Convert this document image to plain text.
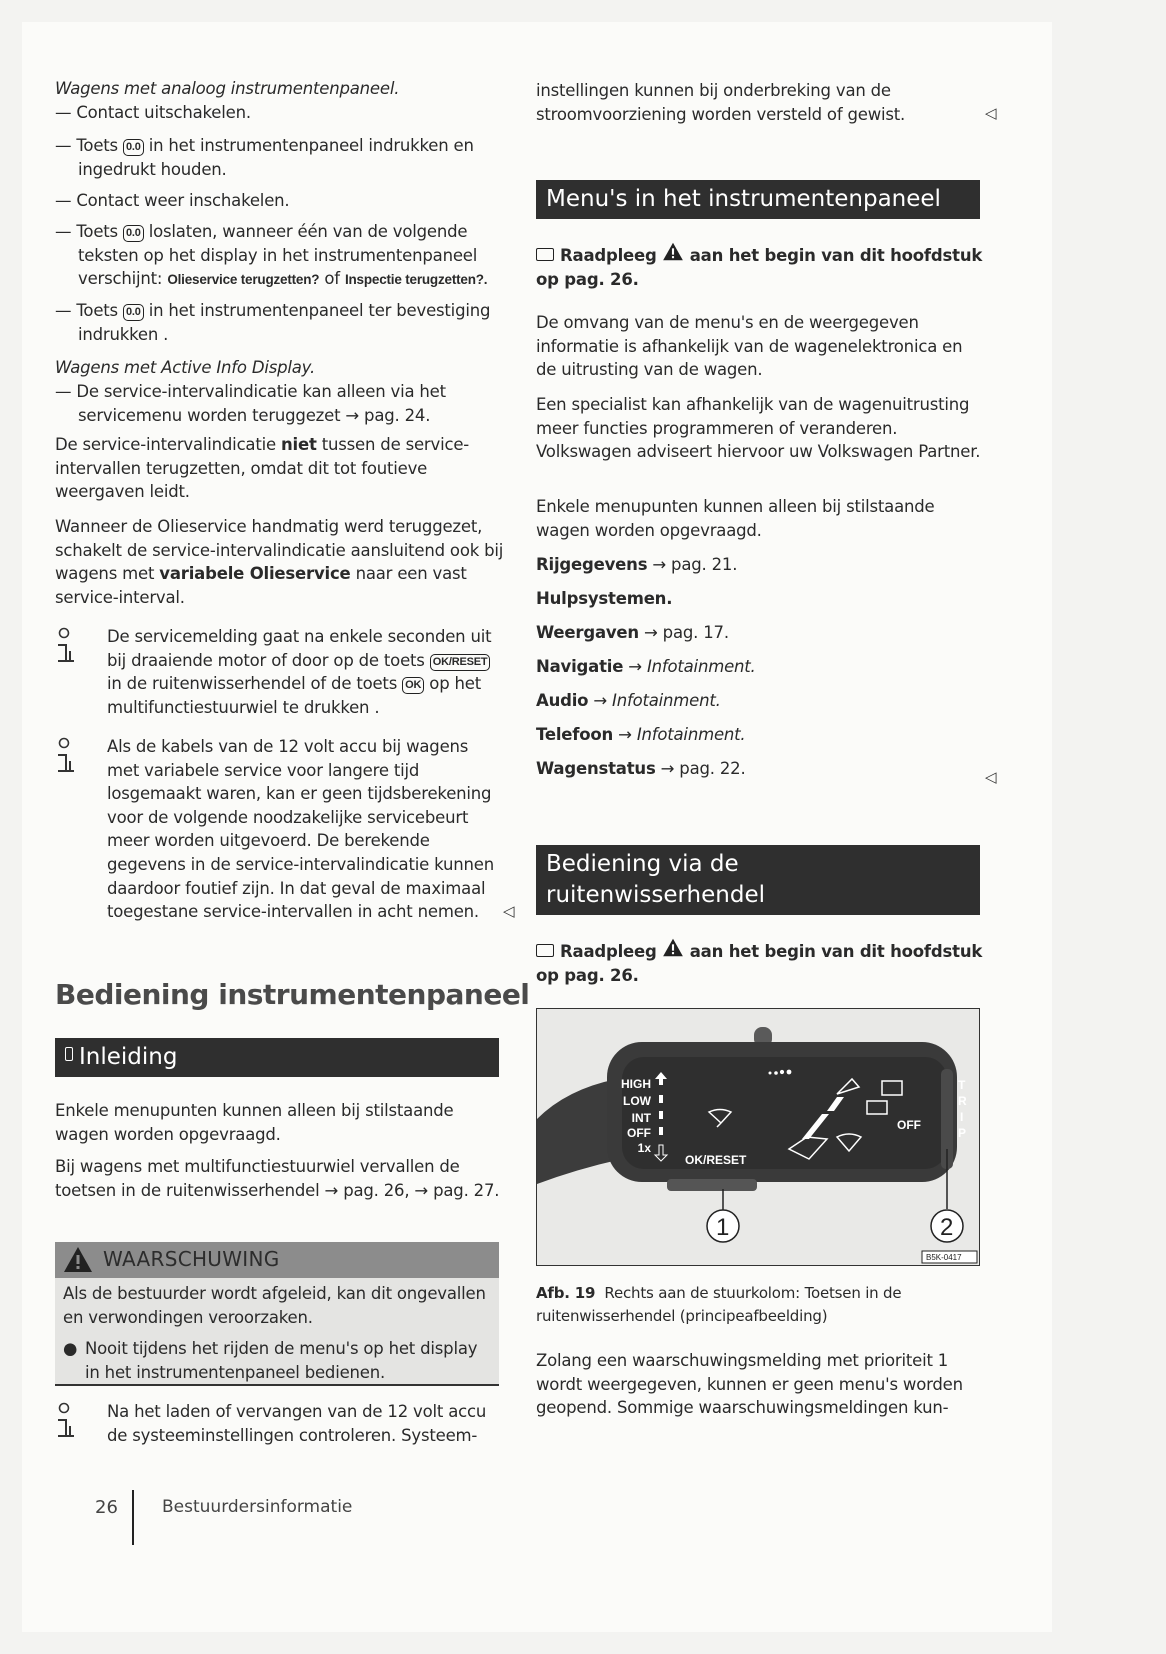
Wagens met analoog instrumentenpaneel.
— Contact uitschakelen.
— Toets 0.0 in het instrumentenpaneel indrukken en ingedrukt houden.
— Contact weer inschakelen.
— Toets 0.0 loslaten, wanneer één van de volgende teksten op het display in het instrumentenpaneel verschijnt: Olieservice terugzetten? of Inspectie terugzetten?.
— Toets 0.0 in het instrumentenpaneel ter bevestiging indrukken .
Wagens met Active Info Display.
— De service-intervalindicatie kan alleen via het servicemenu worden teruggezet → pag. 24.
De service-intervalindicatie niet tussen de service-intervallen terugzetten, omdat dit tot foutieve weergaven leidt.
Wanneer de Olieservice handmatig werd teruggezet, schakelt de service-intervalindicatie aansluitend ook bij wagens met variabele Olieservice naar een vast service-interval.
De servicemelding gaat na enkele seconden uit bij draaiende motor of door op de toets OK/RESET in de ruitenwisserhendel of de toets OK op het multifunctiestuurwiel te drukken .
Als de kabels van de 12 volt accu bij wagens met variabele service voor langere tijd losgemaakt waren, kan er geen tijdsberekening voor de volgende noodzakelijke servicebeurt meer worden uitgevoerd. De berekende gegevens in de service-intervalindicatie kunnen daardoor foutief zijn. In dat geval de maximaal toegestane service-intervallen in acht nemen.	◁
Bediening instrumentenpaneel
Inleiding
Enkele menupunten kunnen alleen bij stilstaande wagen worden opgevraagd.
Bij wagens met multifunctiestuurwiel vervallen de toetsen in de ruitenwisserhendel → pag. 26, → pag. 27.
WAARSCHUWING
Als de bestuurder wordt afgeleid, kan dit ongevallen en verwondingen veroorzaken.
● Nooit tijdens het rijden de menu's op het display in het instrumentenpaneel bedienen.
Na het laden of vervangen van de 12 volt accu de systeeminstellingen controleren. Systeem-
instellingen kunnen bij onderbreking van de stroomvoorziening worden versteld of gewist.	◁
Menu's in het instrumentenpaneel
Raadpleeg  aan het begin van dit hoofdstuk op pag. 26.
De omvang van de menu's en de weergegeven informatie is afhankelijk van de wagenelektronica en de uitrusting van de wagen.
Een specialist kan afhankelijk van de wagenuitrusting meer functies programmeren of veranderen. Volkswagen adviseert hiervoor uw Volkswagen Partner.
Enkele menupunten kunnen alleen bij stilstaande wagen worden opgevraagd.
Rijgegevens → pag. 21.
Hulpsystemen.
Weergaven → pag. 17.
Navigatie → Infotainment.
Audio → Infotainment.
Telefoon → Infotainment.
Wagenstatus → pag. 22.	◁
Bediening via de
ruitenwisserhendel
Raadpleeg  aan het begin van dit hoofdstuk op pag. 26.
HIGH
LOW
INT
OFF
1x
OK/RESET
OFF
T
R
I
P
1	2
B5K-0417
Afb. 19 Rechts aan de stuurkolom: Toetsen in de ruitenwisserhendel (principeafbeelding)
Zolang een waarschuwingsmelding met prioriteit 1 wordt weergegeven, kunnen er geen menu's worden geopend. Sommige waarschuwingsmeldingen kun-
26	Bestuurdersinformatie
